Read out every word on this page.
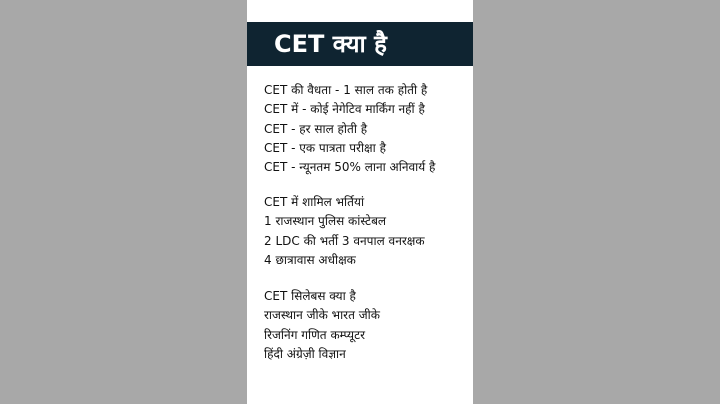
CET क्या है
CET की वैधता - 1 साल तक होती है
CET में - कोई नेगेटिव मार्किंग नहीं है
CET - हर साल होती है
CET - एक पात्रता परीक्षा है
CET - न्यूनतम 50% लाना अनिवार्य है
CET में शामिल भर्तियां
1 राजस्थान पुलिस कांस्टेबल
2 LDC की भर्ती 3 वनपाल वनरक्षक
4 छात्रावास अधीक्षक
CET सिलेबस क्या है
राजस्थान जीके भारत जीके
रिजनिंग गणित कम्प्यूटर
हिंदी अंग्रेज़ी विज्ञान
